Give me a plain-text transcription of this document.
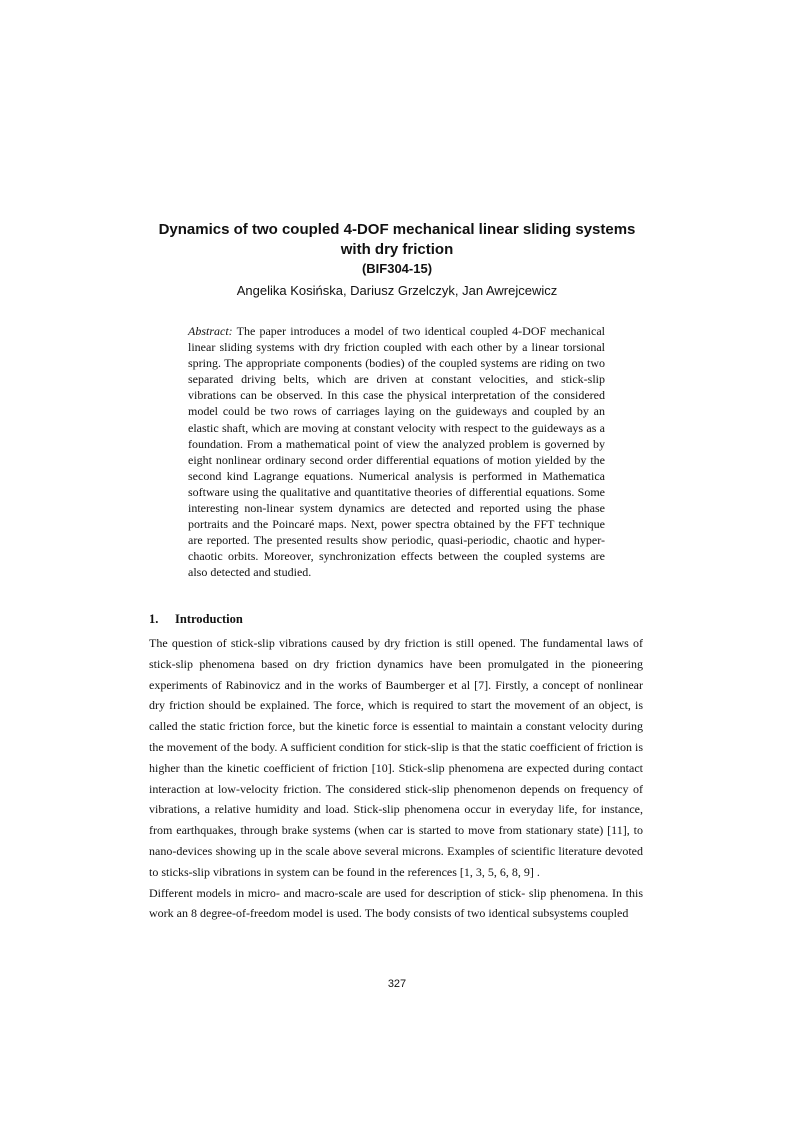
Dynamics of two coupled 4-DOF mechanical linear sliding systems with dry friction
(BIF304-15)
Angelika Kosińska, Dariusz Grzelczyk, Jan Awrejcewicz

Abstract: The paper introduces a model of two identical coupled 4-DOF mechanical linear sliding systems with dry friction coupled with each other by a linear torsional spring. The appropriate components (bodies) of the coupled systems are riding on two separated driving belts, which are driven at constant velocities, and stick-slip vibrations can be observed. In this case the physical interpretation of the considered model could be two rows of carriages laying on the guideways and coupled by an elastic shaft, which are moving at constant velocity with respect to the guideways as a foundation. From a mathematical point of view the analyzed problem is governed by eight nonlinear ordinary second order differential equations of motion yielded by the second kind Lagrange equations. Numerical analysis is performed in Mathematica software using the qualitative and quantitative theories of differential equations. Some interesting non-linear system dynamics are detected and reported using the phase portraits and the Poincaré maps. Next, power spectra obtained by the FFT technique are reported. The presented results show periodic, quasi-periodic, chaotic and hyper-chaotic orbits. Moreover, synchronization effects between the coupled systems are also detected and studied.

1. Introduction

The question of stick-slip vibrations caused by dry friction is still opened. The fundamental laws of stick-slip phenomena based on dry friction dynamics have been promulgated in the pioneering experiments of Rabinovicz and in the works of Baumberger et al [7]. Firstly, a concept of nonlinear dry friction should be explained. The force, which is required to start the movement of an object, is called the static friction force, but the kinetic force is essential to maintain a constant velocity during the movement of the body. A sufficient condition for stick-slip is that the static coefficient of friction is higher than the kinetic coefficient of friction [10]. Stick-slip phenomena are expected during contact interaction at low-velocity friction. The considered stick-slip phenomenon depends on frequency of vibrations, a relative humidity and load. Stick-slip phenomena occur in everyday life, for instance, from earthquakes, through brake systems (when car is started to move from stationary state) [11], to nano-devices showing up in the scale above several microns. Examples of scientific literature devoted to sticks-slip vibrations in system can be found in the references [1, 3, 5, 6, 8, 9] .

Different models in micro- and macro-scale are used for description of stick- slip phenomena. In this work an 8 degree-of-freedom model is used. The body consists of two identical subsystems coupled

327
